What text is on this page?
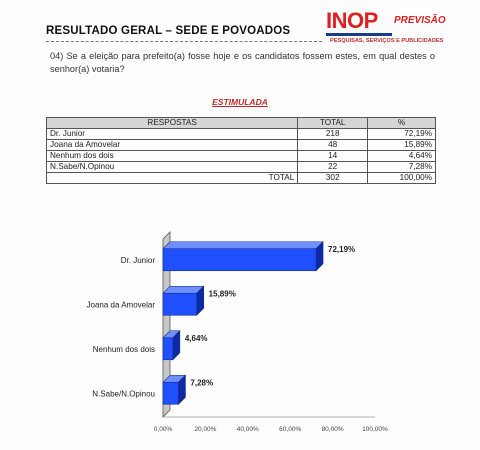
RESULTADO GERAL – SEDE E POVOADOS INOP PREVISÃO
PESQUISAS, SERVIÇOS E PUBLICIDADES
04) Se a eleição para prefeito(a) fosse hoje e os candidatos fossem estes, em qual destes o senhor(a) votaria?
ESTIMULADA
RESPOSTAS	TOTAL	%
Dr. Junior	218	72,19%
Joana da Amovelar	48	15,89%
Nenhum dos dois	14	4,64%
N.Sabe/N.Opinou	22	7,28%
TOTAL	302	100,00%
0,00%	20,00%	40,00%	60,00%	80,00%	100,00%
Dr. Junior
72,19%
Joana da Amovelar
15,89%
Nenhum dos dois
4,64%
N.Sabe/N.Opinou
7,28%
